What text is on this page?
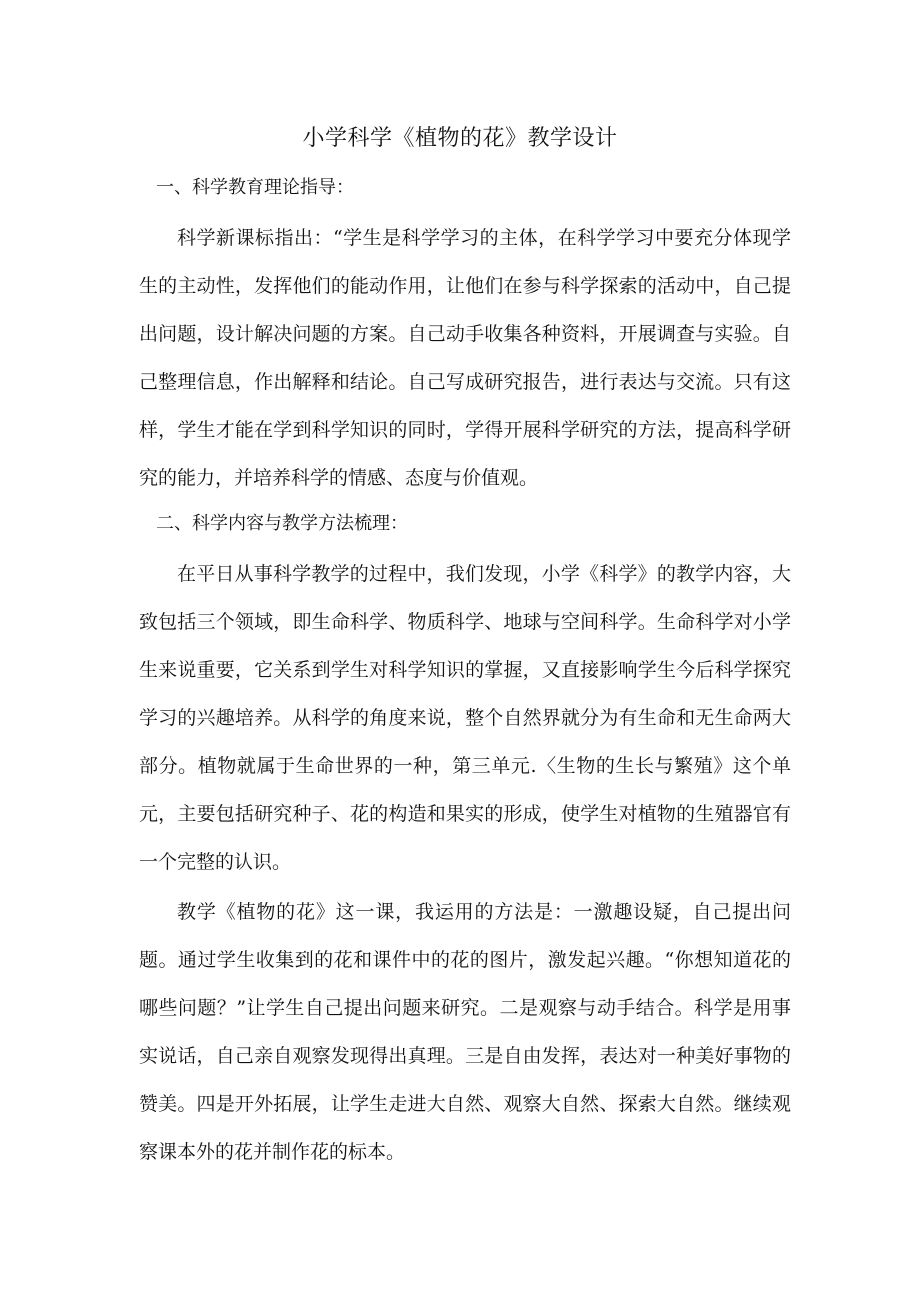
小学科学《植物的花》教学设计
一、科学教育理论指导：
科学新课标指出：“学生是科学学习的主体，在科学学习中要充分体现学生的主动性，发挥他们的能动作用，让他们在参与科学探索的活动中，自己提出问题，设计解决问题的方案。自己动手收集各种资料，开展调查与实验。自己整理信息，作出解释和结论。自己写成研究报告，进行表达与交流。只有这样，学生才能在学到科学知识的同时，学得开展科学研究的方法，提高科学研究的能力，并培养科学的情感、态度与价值观。
二、科学内容与教学方法梳理：
在平日从事科学教学的过程中，我们发现，小学《科学》的教学内容，大致包括三个领域，即生命科学、物质科学、地球与空间科学。生命科学对小学生来说重要，它关系到学生对科学知识的掌握，又直接影响学生今后科学探究学习的兴趣培养。从科学的角度来说，整个自然界就分为有生命和无生命两大部分。植物就属于生命世界的一种，第三单元.〈生物的生长与繁殖》这个单元，主要包括研究种子、花的构造和果实的形成，使学生对植物的生殖器官有一个完整的认识。
教学《植物的花》这一课，我运用的方法是：一激趣设疑，自己提出问题。通过学生收集到的花和课件中的花的图片，激发起兴趣。“你想知道花的哪些问题？”让学生自己提出问题来研究。二是观察与动手结合。科学是用事实说话，自己亲自观察发现得出真理。三是自由发挥，表达对一种美好事物的赞美。四是开外拓展，让学生走进大自然、观察大自然、探索大自然。继续观察课本外的花并制作花的标本。
